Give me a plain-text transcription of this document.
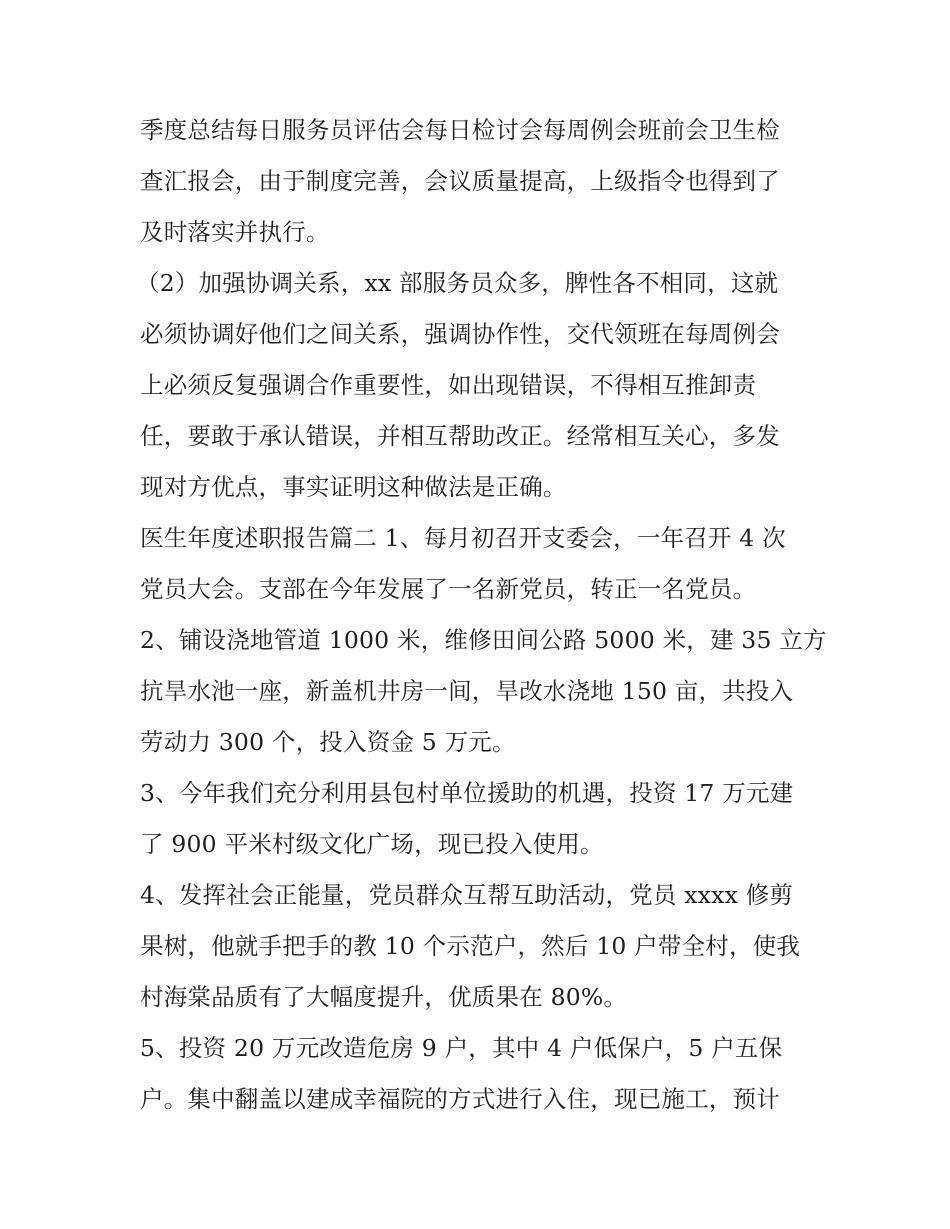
季度总结每日服务员评估会每日检讨会每周例会班前会卫生检
查汇报会，由于制度完善，会议质量提高，上级指令也得到了
及时落实并执行。
（2）加强协调关系，xx 部服务员众多，脾性各不相同，这就
必须协调好他们之间关系，强调协作性，交代领班在每周例会
上必须反复强调合作重要性，如出现错误，不得相互推卸责
任，要敢于承认错误，并相互帮助改正。经常相互关心，多发
现对方优点，事实证明这种做法是正确。
医生年度述职报告篇二 1、每月初召开支委会，一年召开 4 次
党员大会。支部在今年发展了一名新党员，转正一名党员。
2、铺设浇地管道 1000 米，维修田间公路 5000 米，建 35 立方
抗旱水池一座，新盖机井房一间，旱改水浇地 150 亩，共投入
劳动力 300 个，投入资金 5 万元。
3、今年我们充分利用县包村单位援助的机遇，投资 17 万元建
了 900 平米村级文化广场，现已投入使用。
4、发挥社会正能量，党员群众互帮互助活动，党员 xxxx 修剪
果树，他就手把手的教 10 个示范户，然后 10 户带全村，使我
村海棠品质有了大幅度提升，优质果在 80%。
5、投资 20 万元改造危房 9 户，其中 4 户低保户，5 户五保
户。集中翻盖以建成幸福院的方式进行入住，现已施工，预计
